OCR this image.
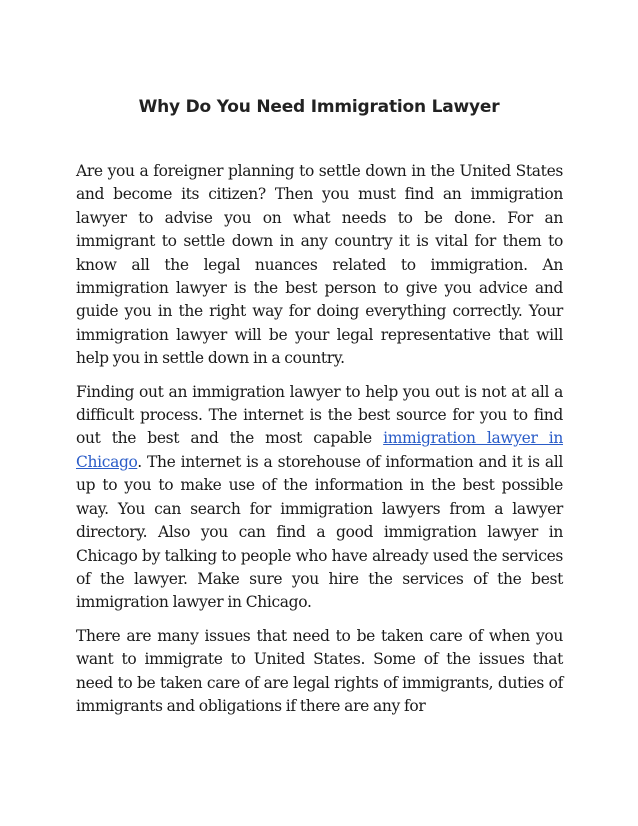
Why Do You Need Immigration Lawyer

Are you a foreigner planning to settle down in the United States and become its citizen? Then you must find an immigration lawyer to advise you on what needs to be done. For an immigrant to settle down in any country it is vital for them to know all the legal nuances related to immigration. An immigration lawyer is the best person to give you advice and guide you in the right way for doing everything correctly. Your immigration lawyer will be your legal representative that will help you in settle down in a country.

Finding out an immigration lawyer to help you out is not at all a difficult process. The internet is the best source for you to find out the best and the most capable immigration lawyer in Chicago. The internet is a storehouse of information and it is all up to you to make use of the information in the best possible way. You can search for immigration lawyers from a lawyer directory. Also you can find a good immigration lawyer in Chicago by talking to people who have already used the services of the lawyer. Make sure you hire the services of the best immigration lawyer in Chicago.

There are many issues that need to be taken care of when you want to immigrate to United States. Some of the issues that need to be taken care of are legal rights of immigrants, duties of immigrants and obligations if there are any for
